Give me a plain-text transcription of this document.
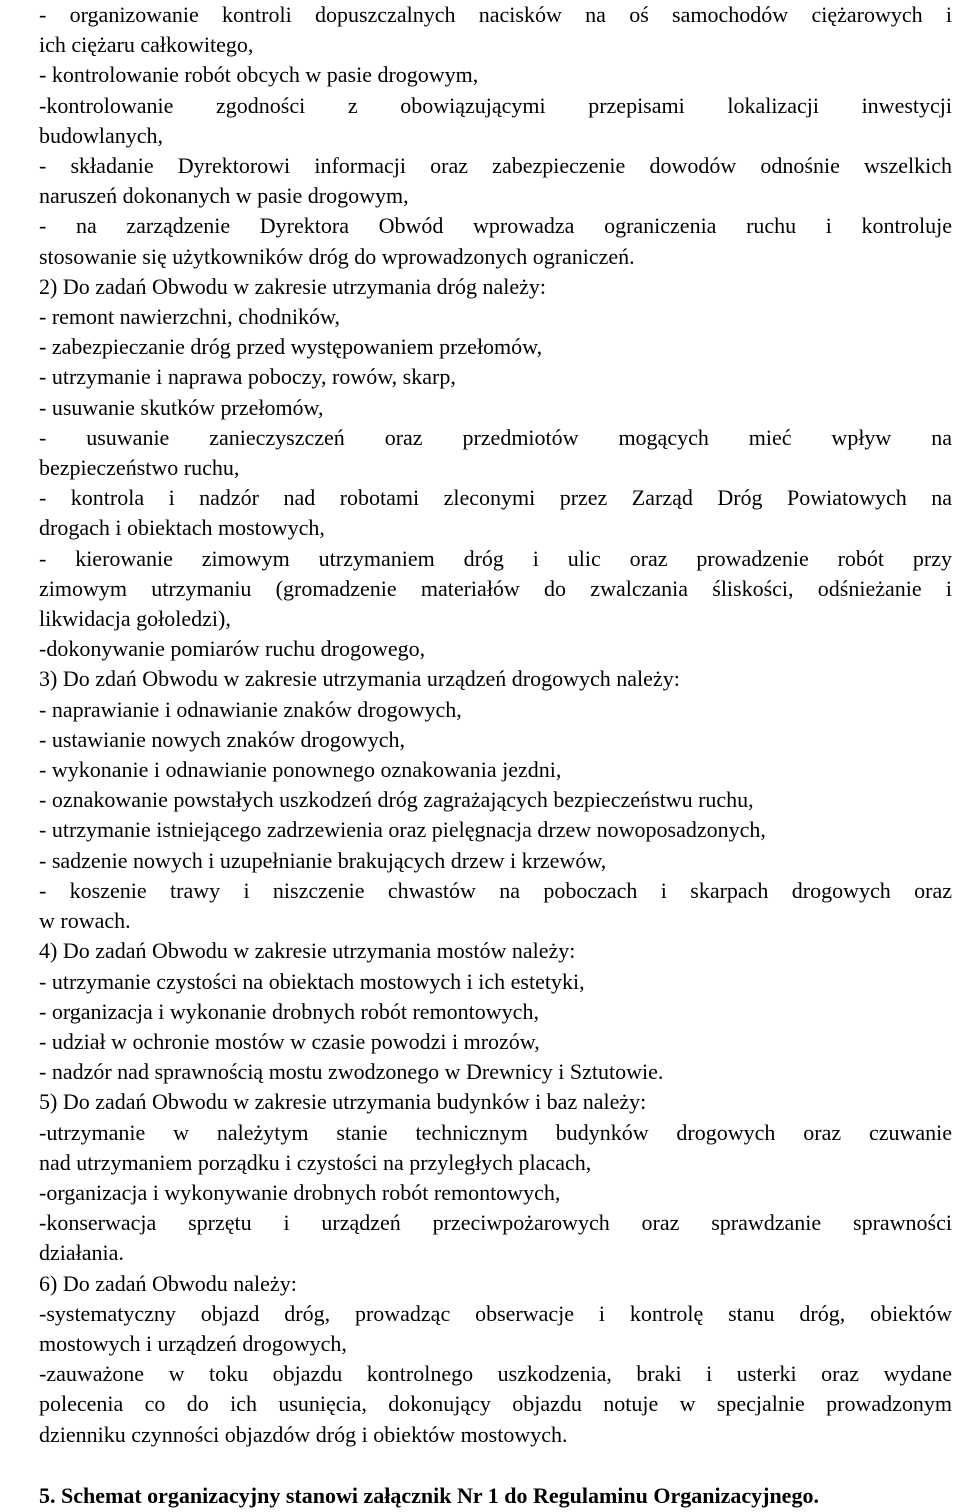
- organizowanie kontroli dopuszczalnych nacisków na oś samochodów ciężarowych i
ich ciężaru całkowitego,
- kontrolowanie robót obcych w pasie drogowym,
-kontrolowanie zgodności z obowiązującymi przepisami lokalizacji inwestycji
budowlanych,
- składanie Dyrektorowi informacji oraz zabezpieczenie dowodów odnośnie wszelkich
naruszeń dokonanych w pasie drogowym,
- na zarządzenie Dyrektora Obwód wprowadza ograniczenia ruchu i kontroluje
stosowanie się użytkowników dróg do wprowadzonych ograniczeń.
2) Do zadań Obwodu w zakresie utrzymania dróg należy:
- remont nawierzchni, chodników,
- zabezpieczanie dróg przed występowaniem przełomów,
- utrzymanie i naprawa poboczy, rowów, skarp,
- usuwanie skutków przełomów,
- usuwanie zanieczyszczeń oraz przedmiotów mogących mieć wpływ na
bezpieczeństwo ruchu,
- kontrola i nadzór nad robotami zleconymi przez Zarząd Dróg Powiatowych na
drogach i obiektach mostowych,
- kierowanie zimowym utrzymaniem dróg i ulic oraz prowadzenie robót przy
zimowym utrzymaniu (gromadzenie materiałów do zwalczania śliskości, odśnieżanie i
likwidacja gołoledzi),
-dokonywanie pomiarów ruchu drogowego,
3) Do zdań Obwodu w zakresie utrzymania urządzeń drogowych należy:
- naprawianie i odnawianie znaków drogowych,
- ustawianie nowych znaków drogowych,
- wykonanie i odnawianie ponownego oznakowania jezdni,
- oznakowanie powstałych uszkodzeń dróg zagrażających bezpieczeństwu ruchu,
- utrzymanie istniejącego zadrzewienia oraz pielęgnacja drzew nowoposadzonych,
- sadzenie nowych i uzupełnianie brakujących drzew i krzewów,
- koszenie trawy i niszczenie chwastów na poboczach i skarpach drogowych oraz
w rowach.
4) Do zadań Obwodu w zakresie utrzymania mostów należy:
- utrzymanie czystości na obiektach mostowych i ich estetyki,
- organizacja i wykonanie drobnych robót remontowych,
- udział w ochronie mostów w czasie powodzi i mrozów,
- nadzór nad sprawnością mostu zwodzonego w Drewnicy i Sztutowie.
5) Do zadań Obwodu w zakresie utrzymania budynków i baz należy:
-utrzymanie w należytym stanie technicznym budynków drogowych oraz czuwanie
nad utrzymaniem porządku i czystości na przyległych placach,
-organizacja i wykonywanie drobnych robót remontowych,
-konserwacja sprzętu i urządzeń przeciwpożarowych oraz sprawdzanie sprawności
działania.
6) Do zadań Obwodu należy:
-systematyczny objazd dróg, prowadząc obserwacje i kontrolę stanu dróg, obiektów
mostowych i urządzeń drogowych,
-zauważone w toku objazdu kontrolnego uszkodzenia, braki i usterki oraz wydane
polecenia co do ich usunięcia, dokonujący objazdu notuje w specjalnie prowadzonym
dzienniku czynności objazdów dróg i obiektów mostowych.
5. Schemat organizacyjny stanowi załącznik Nr 1 do Regulaminu Organizacyjnego.
